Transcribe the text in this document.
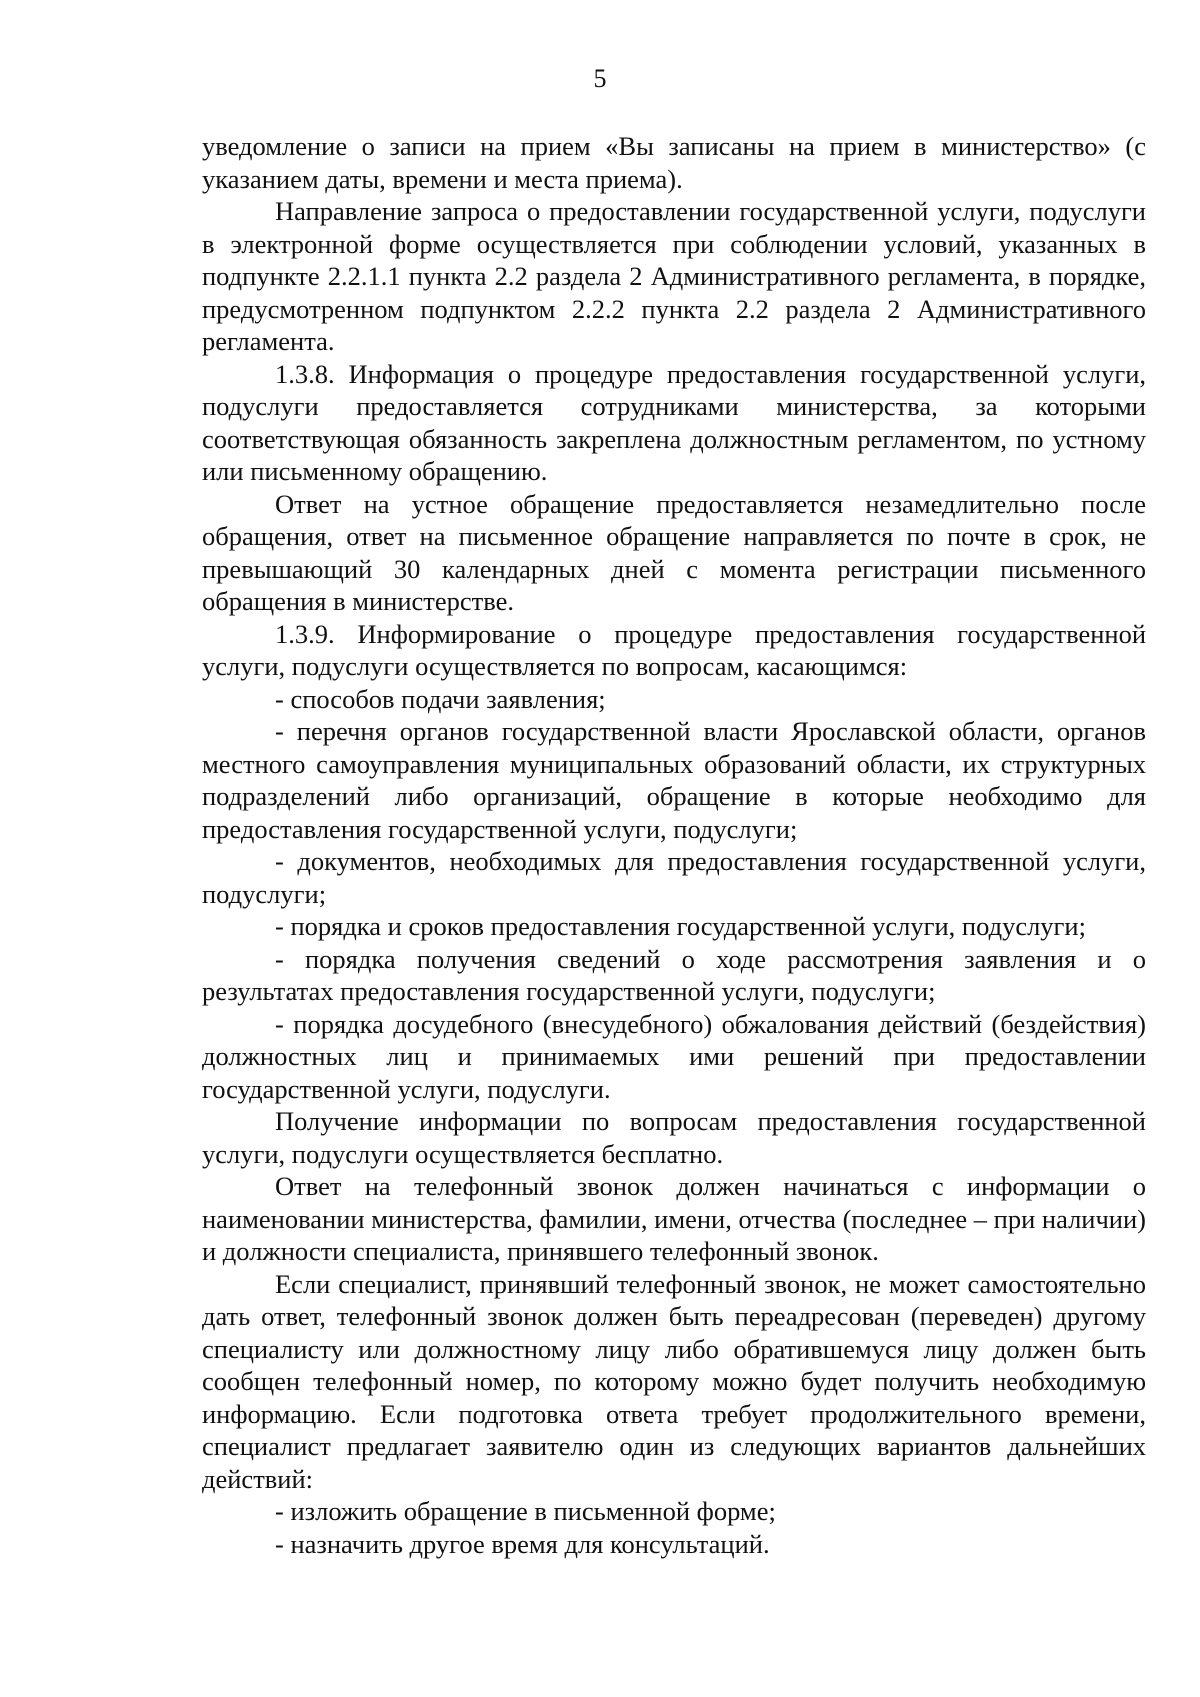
5

уведомление о записи на прием «Вы записаны на прием в министерство» (с указанием даты, времени и места приема).

Направление запроса о предоставлении государственной услуги, подуслуги в электронной форме осуществляется при соблюдении условий, указанных в подпункте 2.2.1.1 пункта 2.2 раздела 2 Административного регламента, в порядке, предусмотренном подпунктом 2.2.2 пункта 2.2 раздела 2 Административного регламента.

1.3.8. Информация о процедуре предоставления государственной услуги, подуслуги предоставляется сотрудниками министерства, за которыми соответствующая обязанность закреплена должностным регламентом, по устному или письменному обращению.

Ответ на устное обращение предоставляется незамедлительно после обращения, ответ на письменное обращение направляется по почте в срок, не превышающий 30 календарных дней с момента регистрации письменного обращения в министерстве.

1.3.9. Информирование о процедуре предоставления государственной услуги, подуслуги осуществляется по вопросам, касающимся:

- способов подачи заявления;

- перечня органов государственной власти Ярославской области, органов местного самоуправления муниципальных образований области, их структурных подразделений либо организаций, обращение в которые необходимо для предоставления государственной услуги, подуслуги;

- документов, необходимых для предоставления государственной услуги, подуслуги;

- порядка и сроков предоставления государственной услуги, подуслуги;

- порядка получения сведений о ходе рассмотрения заявления и о результатах предоставления государственной услуги, подуслуги;

- порядка досудебного (внесудебного) обжалования действий (бездействия) должностных лиц и принимаемых ими решений при предоставлении государственной услуги, подуслуги.

Получение информации по вопросам предоставления государственной услуги, подуслуги осуществляется бесплатно.

Ответ на телефонный звонок должен начинаться с информации о наименовании министерства, фамилии, имени, отчества (последнее – при наличии) и должности специалиста, принявшего телефонный звонок.

Если специалист, принявший телефонный звонок, не может самостоятельно дать ответ, телефонный звонок должен быть переадресован (переведен) другому специалисту или должностному лицу либо обратившемуся лицу должен быть сообщен телефонный номер, по которому можно будет получить необходимую информацию. Если подготовка ответа требует продолжительного времени, специалист предлагает заявителю один из следующих вариантов дальнейших действий:

- изложить обращение в письменной форме;

- назначить другое время для консультаций.
